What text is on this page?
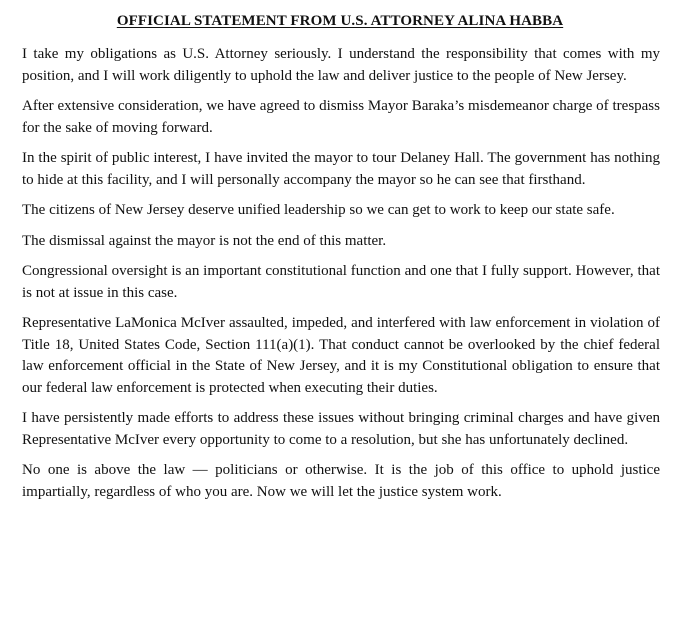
OFFICIAL STATEMENT FROM U.S. ATTORNEY ALINA HABBA

I take my obligations as U.S. Attorney seriously. I understand the responsibility that comes with my position, and I will work diligently to uphold the law and deliver justice to the people of New Jersey.

After extensive consideration, we have agreed to dismiss Mayor Baraka’s misdemeanor charge of trespass for the sake of moving forward.

In the spirit of public interest, I have invited the mayor to tour Delaney Hall. The government has nothing to hide at this facility, and I will personally accompany the mayor so he can see that firsthand.

The citizens of New Jersey deserve unified leadership so we can get to work to keep our state safe.

The dismissal against the mayor is not the end of this matter.

Congressional oversight is an important constitutional function and one that I fully support. However, that is not at issue in this case.

Representative LaMonica McIver assaulted, impeded, and interfered with law enforcement in violation of Title 18, United States Code, Section 111(a)(1). That conduct cannot be overlooked by the chief federal law enforcement official in the State of New Jersey, and it is my Constitutional obligation to ensure that our federal law enforcement is protected when executing their duties.

I have persistently made efforts to address these issues without bringing criminal charges and have given Representative McIver every opportunity to come to a resolution, but she has unfortunately declined.

No one is above the law — politicians or otherwise. It is the job of this office to uphold justice impartially, regardless of who you are. Now we will let the justice system work.
